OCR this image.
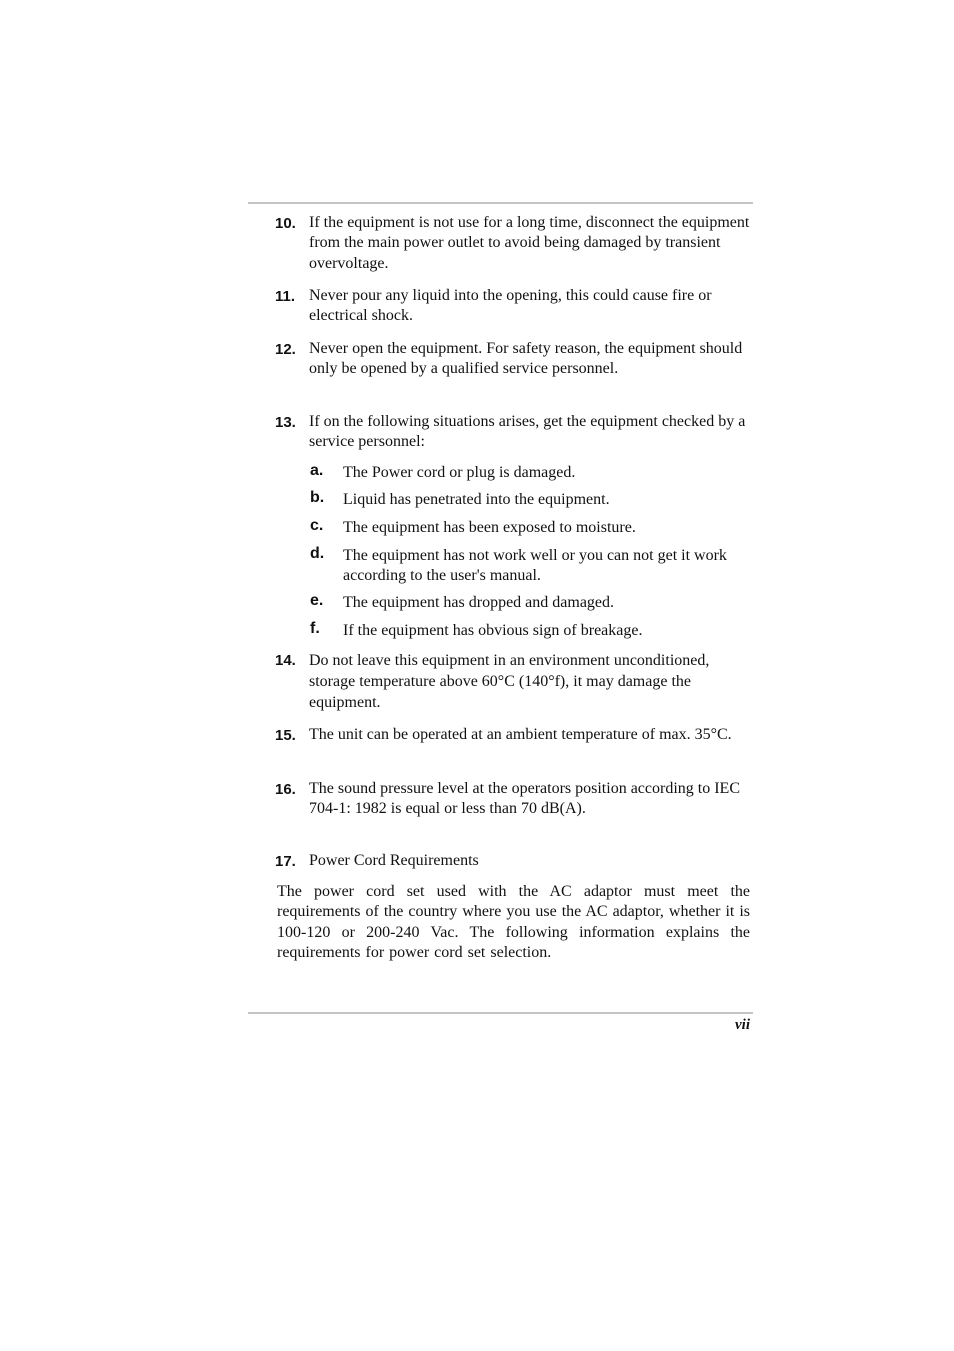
10. If the equipment is not use for a long time, disconnect the equipment from the main power outlet to avoid being damaged by transient overvoltage.
11. Never pour any liquid into the opening, this could cause fire or electrical shock.
12. Never open the equipment. For safety reason, the equipment should only be opened by a qualified service personnel.
13. If on the following situations arises, get the equipment checked by a service personnel:
a. The Power cord or plug is damaged.
b. Liquid has penetrated into the equipment.
c. The equipment has been exposed to moisture.
d. The equipment has not work well or you can not get it work according to the user's manual.
e. The equipment has dropped and damaged.
f. If the equipment has obvious sign of breakage.
14. Do not leave this equipment in an environment unconditioned, storage temperature above 60°C (140°f), it may damage the equipment.
15. The unit can be operated at an ambient temperature of max. 35°C.
16. The sound pressure level at the operators position according to IEC 704-1: 1982 is equal or less than 70 dB(A).
17. Power Cord Requirements
The power cord set used with the AC adaptor must meet the requirements of the country where you use the AC adaptor, whether it is 100-120 or 200-240 Vac. The following information explains the requirements for power cord set selection.
vii
